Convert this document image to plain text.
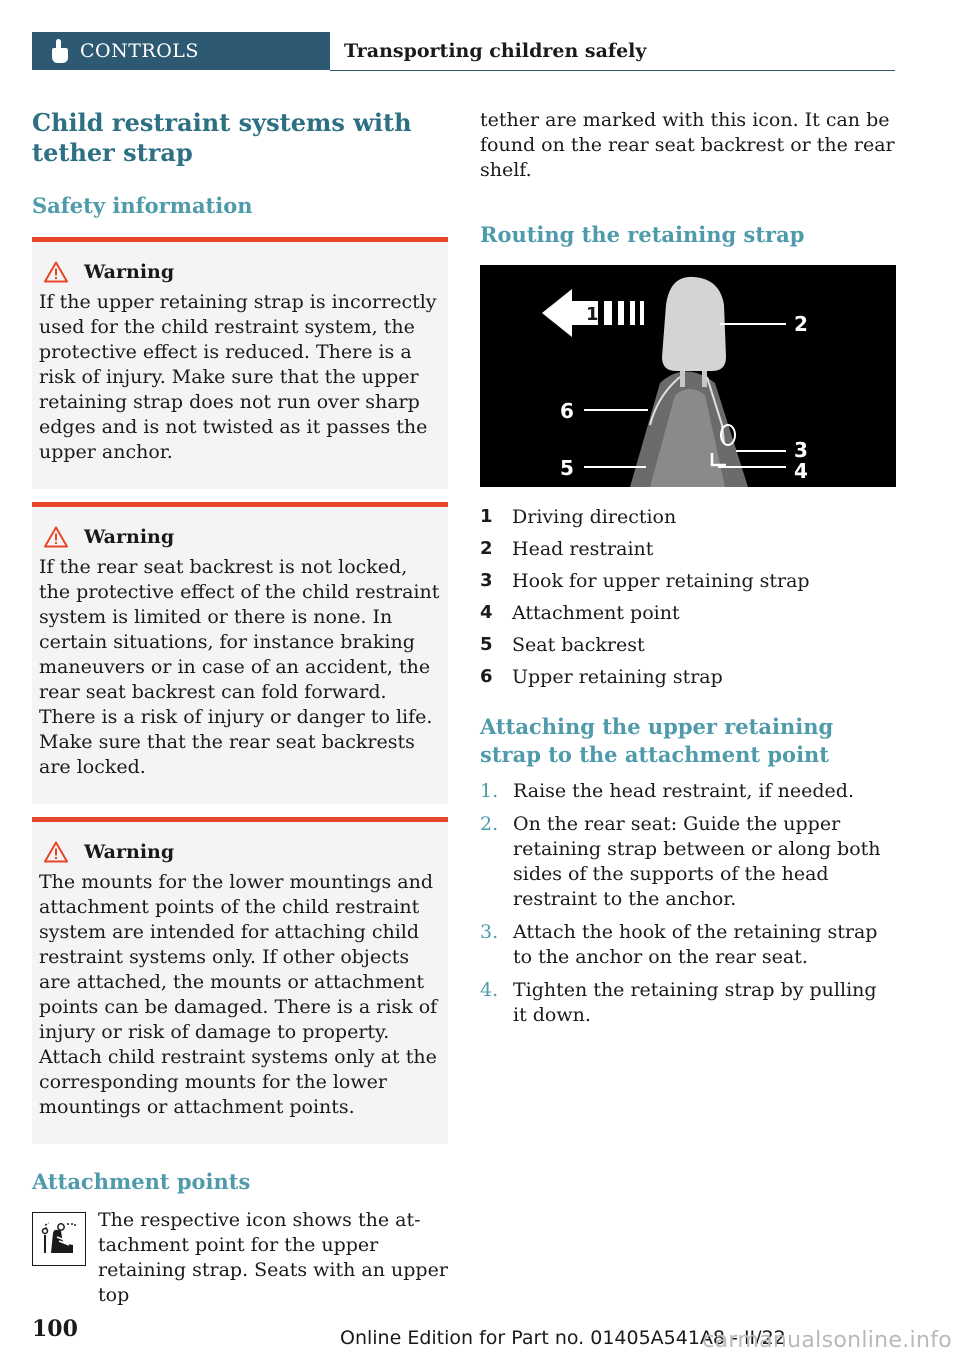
CONTROLS	Transporting children safely
Child restraint systems with tether strap
Safety information
Warning
If the upper retaining strap is incorrectly used for the child restraint system, the protective effect is reduced. There is a risk of injury. Make sure that the upper retaining strap does not run over sharp edges and is not twisted as it passes the upper anchor.
Warning
If the rear seat backrest is not locked, the protective effect of the child restraint system is limited or there is none. In certain situations, for instance braking maneuvers or in case of an accident, the rear seat backrest can fold forward. There is a risk of injury or danger to life. Make sure that the rear seat backrests are locked.
Warning
The mounts for the lower mountings and attachment points of the child restraint system are intended for attaching child restraint systems only. If other objects are attached, the mounts or attachment points can be damaged. There is a risk of injury or risk of damage to property. Attach child restraint systems only at the corresponding mounts for the lower mountings or attachment points.
Attachment points

The respective icon shows the attachment point for the upper retaining strap. Seats with an upper top

tether are marked with this icon. It can be found on the rear seat backrest or the rear shelf.

Routing the retaining strap
1	2
3
4
5
6
1	Driving direction
2	Head restraint
3	Hook for upper retaining strap
4	Attachment point
5	Seat backrest
6	Upper retaining strap
Attaching the upper retaining strap to the attachment point
1. Raise the head restraint, if needed.
2. On the rear seat: Guide the upper retaining strap between or along both sides of the supports of the head restraint to the anchor.
3. Attach the hook of the retaining strap to the anchor on the rear seat.
4. Tighten the retaining strap by pulling it down.
100	Online Edition for Part no. 01405A541A8 - II/22
carmanualsonline.info
